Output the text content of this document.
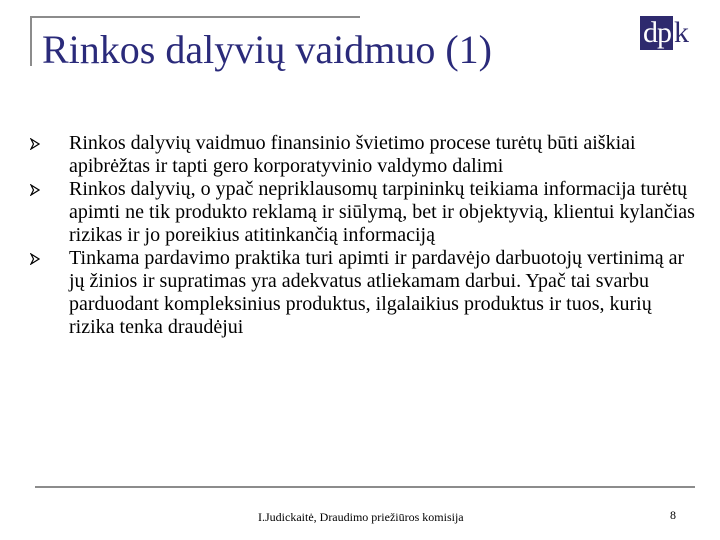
Rinkos dalyvių vaidmuo (1)	dp k
Rinkos dalyvių vaidmuo finansinio švietimo procese turėtų būti aiškiai apibrėžtas ir tapti gero korporatyvinio valdymo dalimi
Rinkos dalyvių, o ypač nepriklausomų tarpininkų teikiama informacija turėtų apimti ne tik produkto reklamą ir siūlymą, bet ir objektyvią, klientui kylančias rizikas ir jo poreikius atitinkančią informaciją
Tinkama pardavimo praktika turi apimti ir pardavėjo darbuotojų vertinimą ar jų žinios ir supratimas yra adekvatus atliekamam darbui. Ypač tai svarbu parduodant kompleksinius produktus, ilgalaikius produktus ir tuos, kurių rizika tenka draudėjui
I.Judickaitė, Draudimo priežiūros komisija	8
